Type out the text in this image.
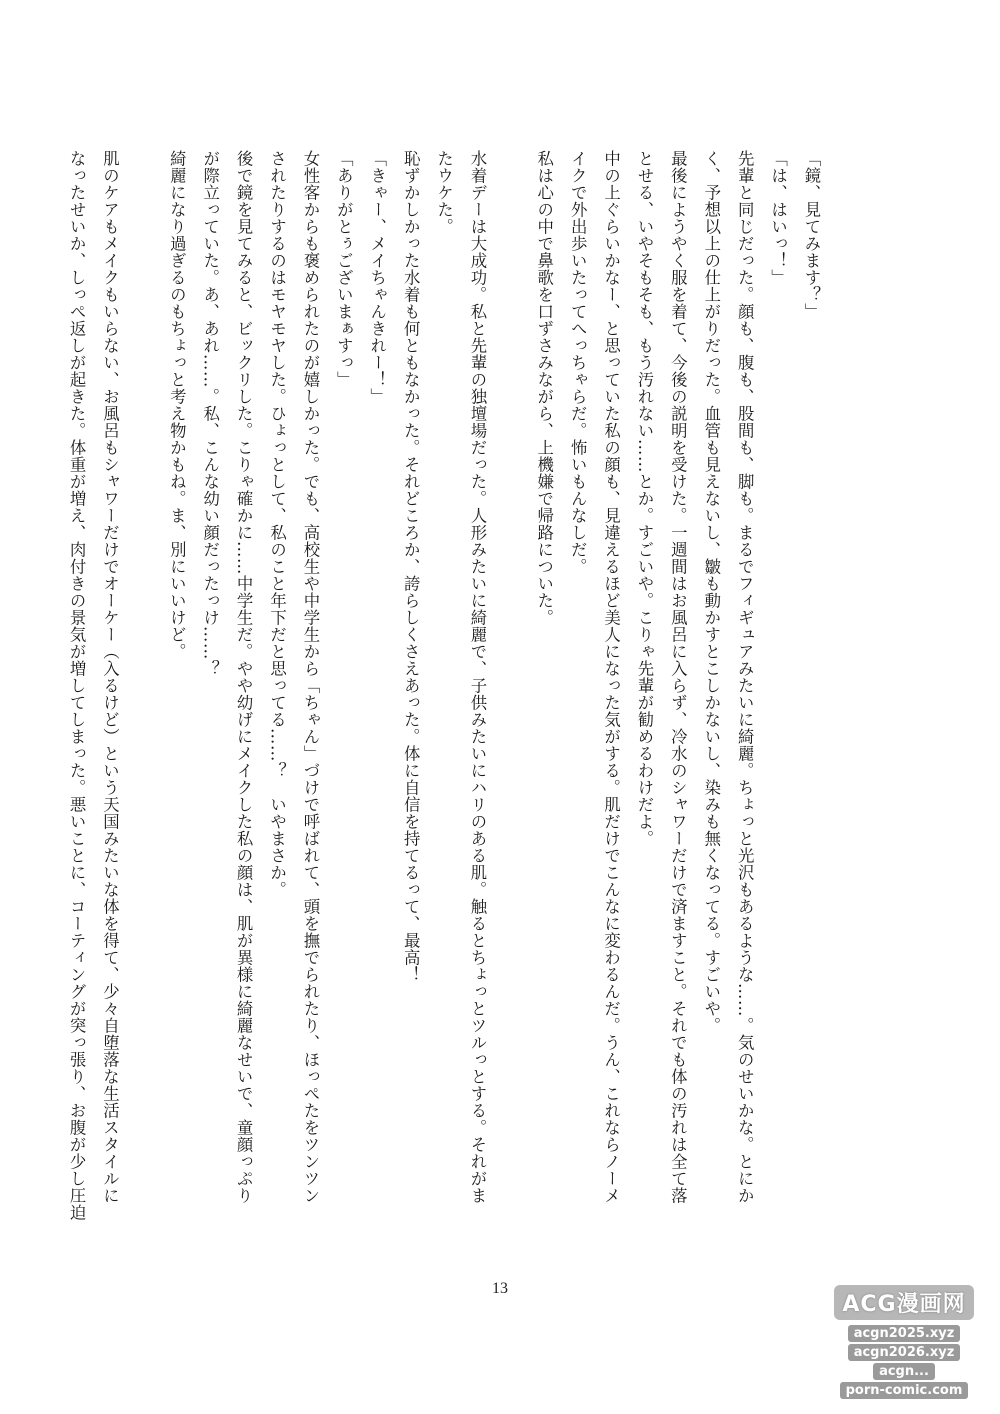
「鏡、見てみます？」
「は、はいっ！」
先輩と同じだった。顔も、腹も、股間も、脚も。まるでフィギュアみたいに綺麗。ちょっと光沢もあるような……。気のせいかな。とにか
く、予想以上の仕上がりだった。血管も見えないし、皺も動かすとこしかないし、染みも無くなってる。すごいや。
最後にようやく服を着て、今後の説明を受けた。一週間はお風呂に入らず、冷水のシャワーだけで済ますこと。それでも体の汚れは全て落
とせる、いやそもそも、もう汚れない……とか。すごいや。こりゃ先輩が勧めるわけだよ。
中の上ぐらいかなー、と思っていた私の顔も、見違えるほど美人になった気がする。肌だけでこんなに変わるんだ。うん、これならノーメ
イクで外出歩いたってへっちゃらだ。怖いもんなしだ。
私は心の中で鼻歌を口ずさみながら、上機嫌で帰路についた。
水着デーは大成功。私と先輩の独壇場だった。人形みたいに綺麗で、子供みたいにハリのある肌。触るとちょっとツルっとする。それがま
たウケた。
恥ずかしかった水着も何ともなかった。それどころか、誇らしくさえあった。体に自信を持てるって、最高！
「きゃー、メイちゃんきれー！」
「ありがとぅございまぁすっ」
女性客からも褒められたのが嬉しかった。でも、高校生や中学生から「ちゃん」づけで呼ばれて、頭を撫でられたり、ほっぺたをツンツン
されたりするのはモヤモヤした。ひょっとして、私のこと年下だと思ってる……？　いやまさか。
後で鏡を見てみると、ビックリした。こりゃ確かに……中学生だ。やや幼げにメイクした私の顔は、肌が異様に綺麗なせいで、童顔っぷり
が際立っていた。あ、あれ……。私、こんな幼い顔だったっけ……？
綺麗になり過ぎるのもちょっと考え物かもね。ま、別にいいけど。
肌のケアもメイクもいらない、お風呂もシャワーだけでオーケー（入るけど）という天国みたいな体を得て、少々自堕落な生活スタイルに
なったせいか、しっぺ返しが起きた。体重が増え、肉付きの景気が増してしまった。悪いことに、コーティングが突っ張り、お腹が少し圧迫
13
ACG漫画网
acgn2025.xyz
acgn2026.xyz
acgn...
porn-comic.com
